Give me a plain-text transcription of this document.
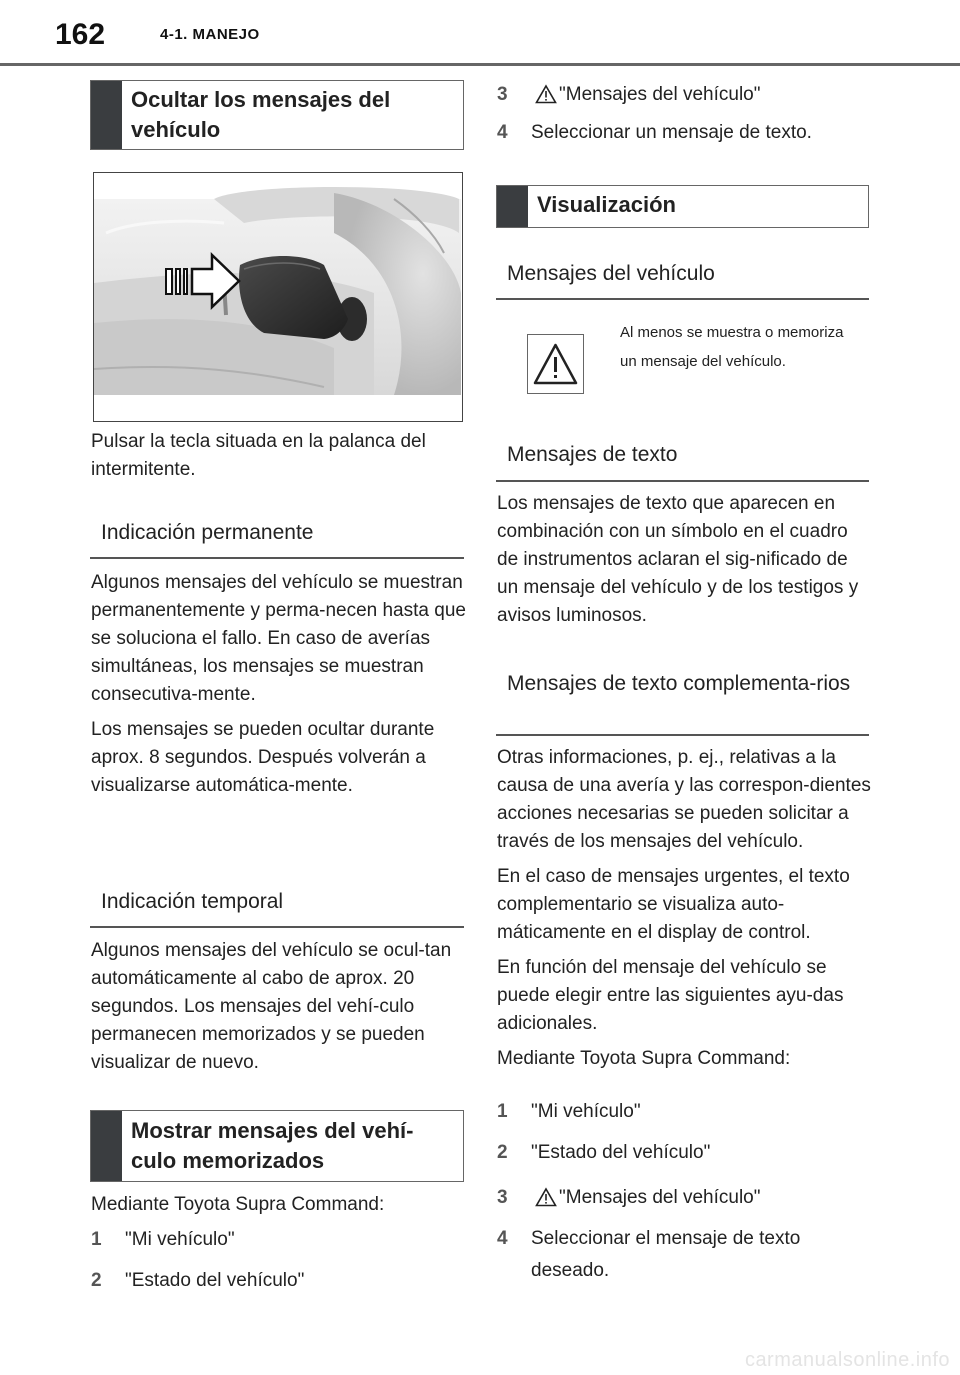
162	4-1. MANEJO
Ocultar los mensajes del vehículo
Pulsar la tecla situada en la palanca del intermitente.
Indicación permanente

Algunos mensajes del vehículo se muestran permanentemente y perma-necen hasta que se soluciona el fallo. En caso de averías simultáneas, los mensajes se muestran consecutiva-mente.

Los mensajes se pueden ocultar durante aprox. 8 segundos. Después volverán a visualizarse automática-mente.

Indicación temporal

Algunos mensajes del vehículo se ocul-tan automáticamente al cabo de aprox. 20 segundos. Los mensajes del vehí-culo permanecen memorizados y se pueden visualizar de nuevo.

Mostrar mensajes del vehí-culo memorizados
Mediante Toyota Supra Command:
1 "Mi vehículo"
2 "Estado del vehículo"
3	"Mensajes del vehículo"
4 Seleccionar un mensaje de texto.
Visualización
Mensajes del vehículo
Al menos se muestra o memoriza un mensaje del vehículo.
Mensajes de texto

Los mensajes de texto que aparecen en combinación con un símbolo en el cuadro de instrumentos aclaran el sig-nificado de un mensaje del vehículo y de los testigos y avisos luminosos.

Mensajes de texto complementa-rios

Otras informaciones, p. ej., relativas a la causa de una avería y las correspon-dientes acciones necesarias se pueden solicitar a través de los mensajes del vehículo.

En el caso de mensajes urgentes, el texto complementario se visualiza auto-máticamente en el display de control.

En función del mensaje del vehículo se puede elegir entre las siguientes ayu-das adicionales.

Mediante Toyota Supra Command:

1 "Mi vehículo"
2 "Estado del vehículo"
3	"Mensajes del vehículo"
4 Seleccionar el mensaje de texto
deseado.
carmanualsonline.info
